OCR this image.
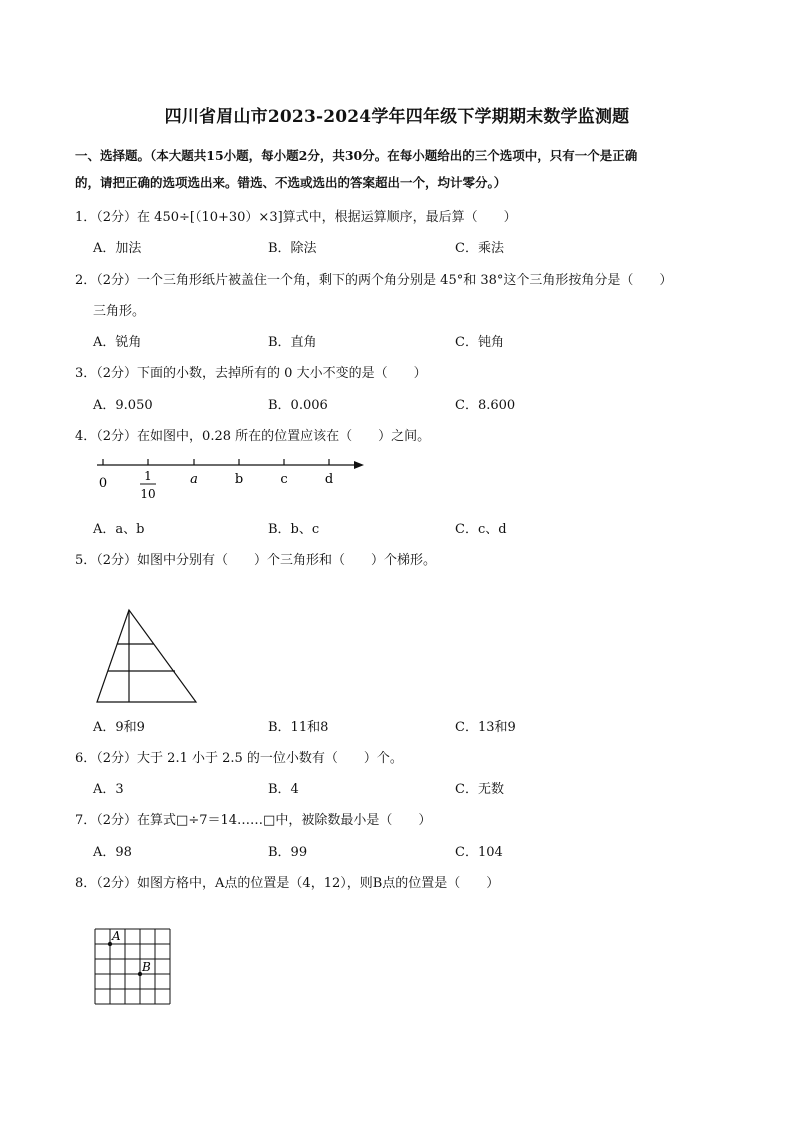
四川省眉山市2023-2024学年四年级下学期期末数学监测题
一、选择题。（本大题共15小题，每小题2分，共30分。在每小题给出的三个选项中，只有一个是正确
的，请把正确的选项选出来。错选、不选或选出的答案超出一个，均计零分。）
1．（2分）在 450÷[（10+30）×3]算式中，根据运算顺序，最后算（　　）
A．加法	B．除法	C．乘法
2．（2分）一个三角形纸片被盖住一个角，剩下的两个角分别是 45°和 38°这个三角形按角分是（　　）
三角形。
A．锐角	B．直角	C．钝角
3．（2分）下面的小数，去掉所有的 0 大小不变的是（　　）
A．9.050	B．0.006	C．8.600
4．（2分）在如图中，0.28 所在的位置应该在（　　）之间。
0	1
10
a	b	c	d
A．a、b	B．b、c	C．c、d
5．（2分）如图中分别有（　　）个三角形和（　　）个梯形。
A．9和9	B．11和8	C．13和9
6．（2分）大于 2.1 小于 2.5 的一位小数有（　　）个。
A．3	B．4	C．无数
7．（2分）在算式□÷7＝14……□中，被除数最小是（　　）
A．98	B．99	C．104
8．（2分）如图方格中，A点的位置是（4，12），则B点的位置是（　　）
A
B
